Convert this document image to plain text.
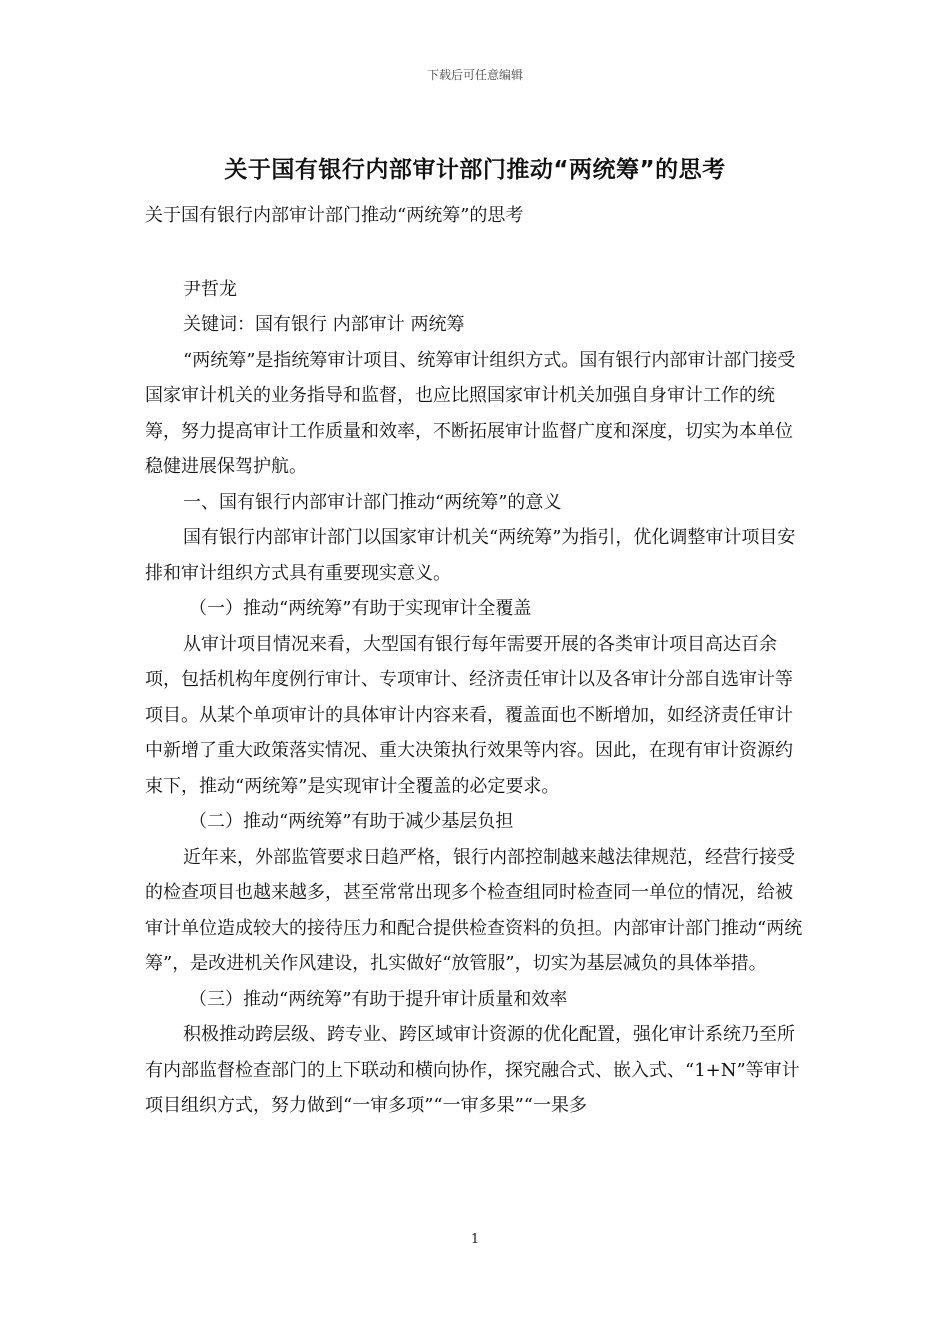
下载后可任意编辑
关于国有银行内部审计部门推动“两统筹”的思考

关于国有银行内部审计部门推动“两统筹”的思考

尹哲龙

关键词：国有银行 内部审计 两统筹

“两统筹”是指统筹审计项目、统筹审计组织方式。国有银行内部审计部门接受国家审计机关的业务指导和监督，也应比照国家审计机关加强自身审计工作的统筹，努力提高审计工作质量和效率，不断拓展审计监督广度和深度，切实为本单位稳健进展保驾护航。

一、国有银行内部审计部门推动“两统筹”的意义

国有银行内部审计部门以国家审计机关“两统筹”为指引，优化调整审计项目安排和审计组织方式具有重要现实意义。

（一）推动“两统筹”有助于实现审计全覆盖

从审计项目情况来看，大型国有银行每年需要开展的各类审计项目高达百余项，包括机构年度例行审计、专项审计、经济责任审计以及各审计分部自选审计等项目。从某个单项审计的具体审计内容来看，覆盖面也不断增加，如经济责任审计中新增了重大政策落实情况、重大决策执行效果等内容。因此，在现有审计资源约束下，推动“两统筹”是实现审计全覆盖的必定要求。

（二）推动“两统筹”有助于减少基层负担

近年来，外部监管要求日趋严格，银行内部控制越来越法律规范，经营行接受的检查项目也越来越多，甚至常常出现多个检查组同时检查同一单位的情况，给被审计单位造成较大的接待压力和配合提供检查资料的负担。内部审计部门推动“两统筹”，是改进机关作风建设，扎实做好“放管服”，切实为基层减负的具体举措。

（三）推动“两统筹”有助于提升审计质量和效率

积极推动跨层级、跨专业、跨区域审计资源的优化配置，强化审计系统乃至所有内部监督检查部门的上下联动和横向协作，探究融合式、嵌入式、“1+N”等审计项目组织方式，努力做到“一审多项”“一审多果”“一果多

1
